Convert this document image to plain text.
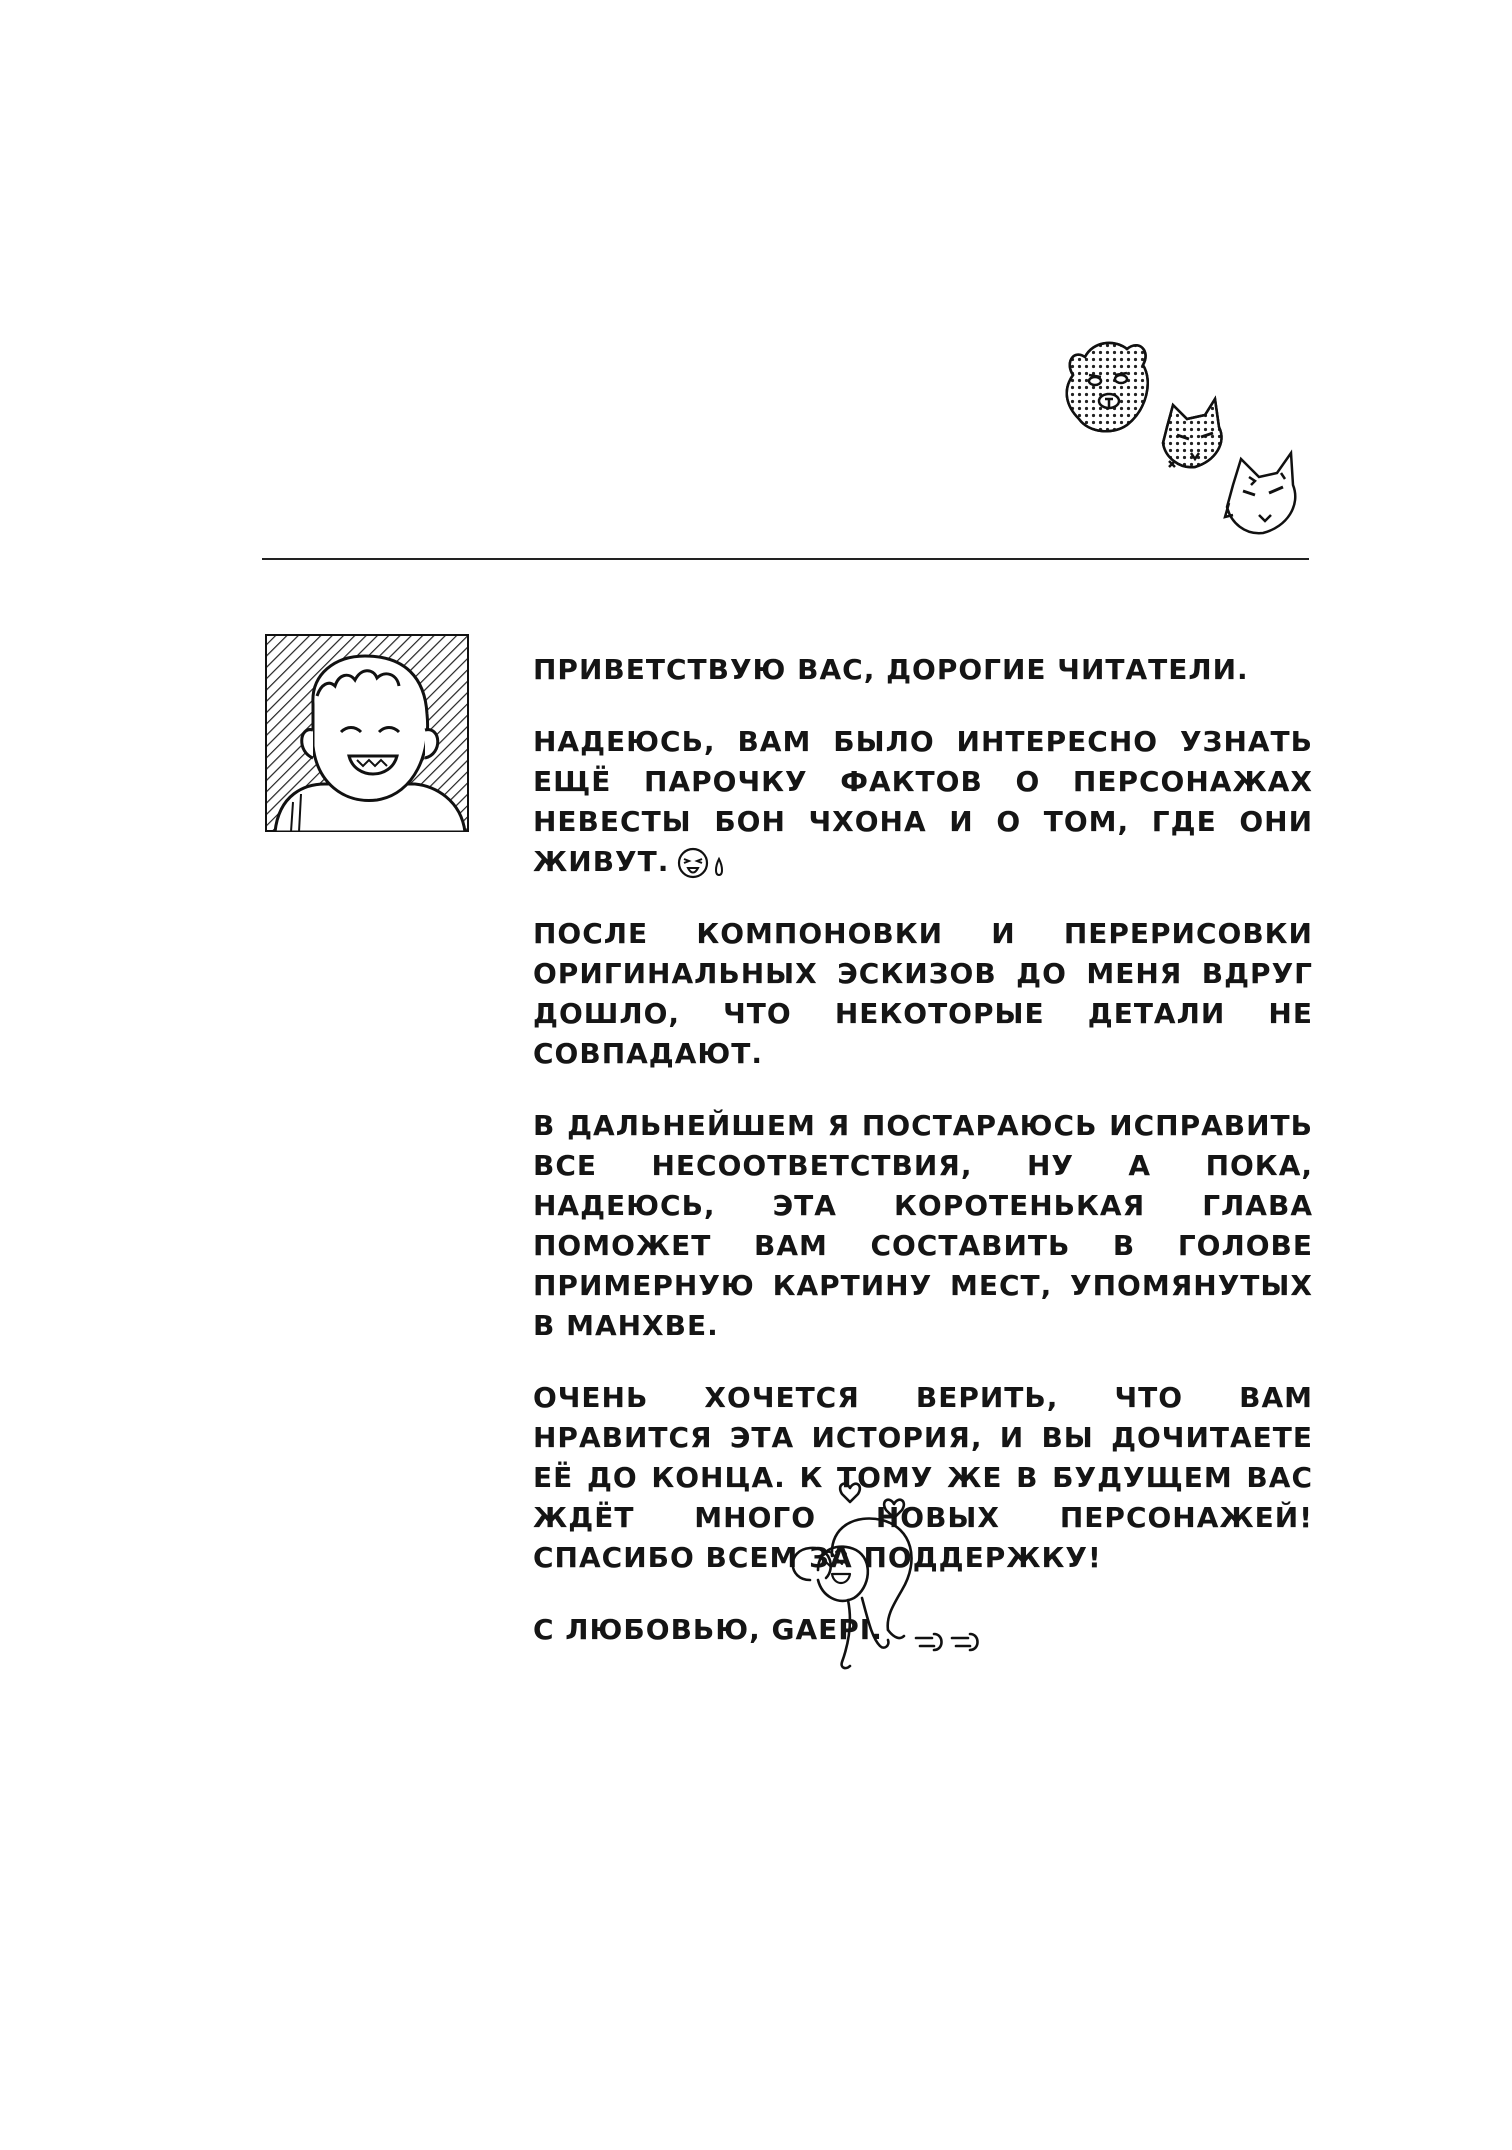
ПРИВЕТСТВУЮ ВАС, ДОРОГИЕ ЧИТАТЕЛИ.

НАДЕЮСЬ, ВАМ БЫЛО ИНТЕРЕСНО УЗНАТЬ ЕЩЁ ПАРОЧКУ ФАКТОВ О ПЕРСОНАЖАХ НЕВЕСТЫ БОН ЧХОНА И О ТОМ, ГДЕ ОНИ ЖИВУТ.

ПОСЛЕ КОМПОНОВКИ И ПЕРЕРИСОВКИ ОРИГИНАЛЬНЫХ ЭСКИЗОВ ДО МЕНЯ ВДРУГ ДОШЛО, ЧТО НЕКОТОРЫЕ ДЕТАЛИ НЕ СОВПАДАЮТ.

В ДАЛЬНЕЙШЕМ Я ПОСТАРАЮСЬ ИСПРАВИТЬ ВСЕ НЕСООТВЕТСТВИЯ, НУ А ПОКА, НАДЕЮСЬ, ЭТА КОРОТЕНЬКАЯ ГЛАВА ПОМОЖЕТ ВАМ СОСТАВИТЬ В ГОЛОВЕ ПРИМЕРНУЮ КАРТИНУ МЕСТ, УПОМЯНУТЫХ В МАНХВЕ.

ОЧЕНЬ ХОЧЕТСЯ ВЕРИТЬ, ЧТО ВАМ НРАВИТСЯ ЭТА ИСТОРИЯ, И ВЫ ДОЧИТАЕТЕ ЕЁ ДО КОНЦА. К ТОМУ ЖЕ В БУДУЩЕМ ВАС ЖДЁТ МНОГО НОВЫХ ПЕРСОНАЖЕЙ! СПАСИБО ВСЕМ ЗА ПОДДЕРЖКУ!

С ЛЮБОВЬЮ, GAEPI.
